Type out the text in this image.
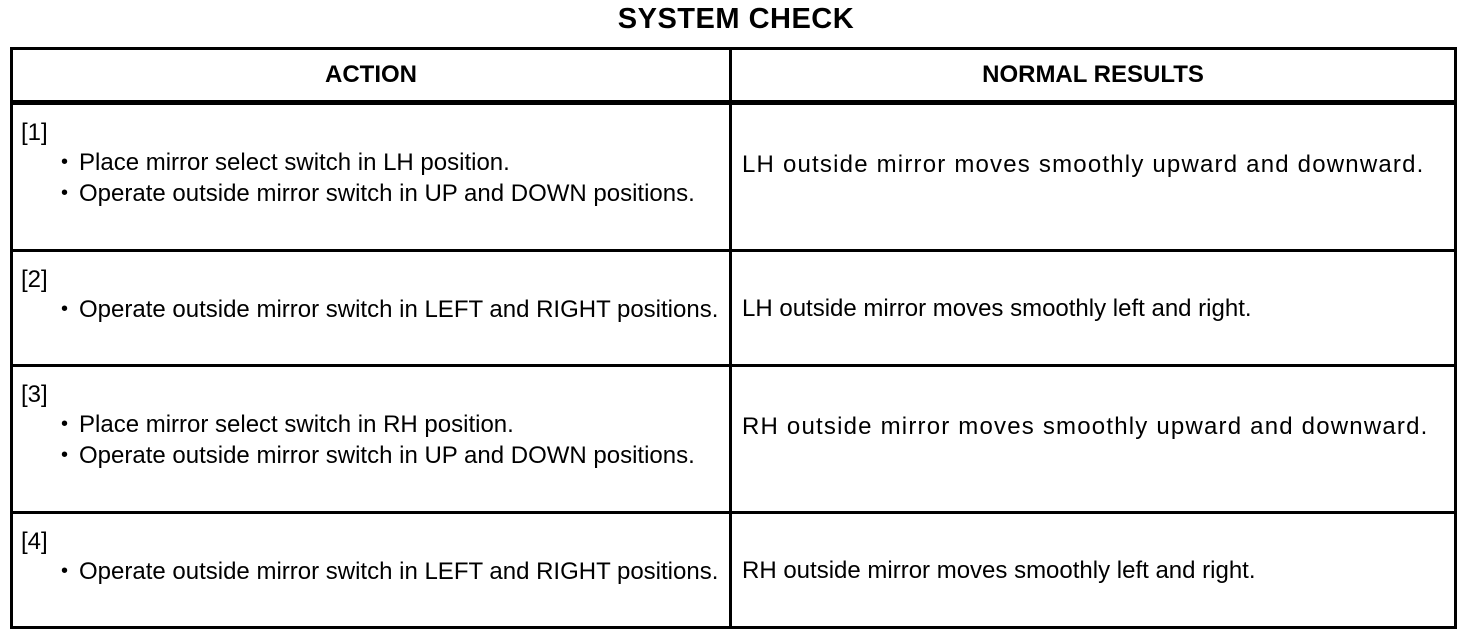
SYSTEM CHECK
ACTION	NORMAL RESULTS

[1]
• Place mirror select switch in LH position.
• Operate outside mirror switch in UP and DOWN positions.	LH outside mirror moves smoothly upward and downward.

[2]
• Operate outside mirror switch in LEFT and RIGHT positions.	LH outside mirror moves smoothly left and right.

[3]
• Place mirror select switch in RH position.
• Operate outside mirror switch in UP and DOWN positions.	RH outside mirror moves smoothly upward and downward.

[4]
• Operate outside mirror switch in LEFT and RIGHT positions.	RH outside mirror moves smoothly left and right.
